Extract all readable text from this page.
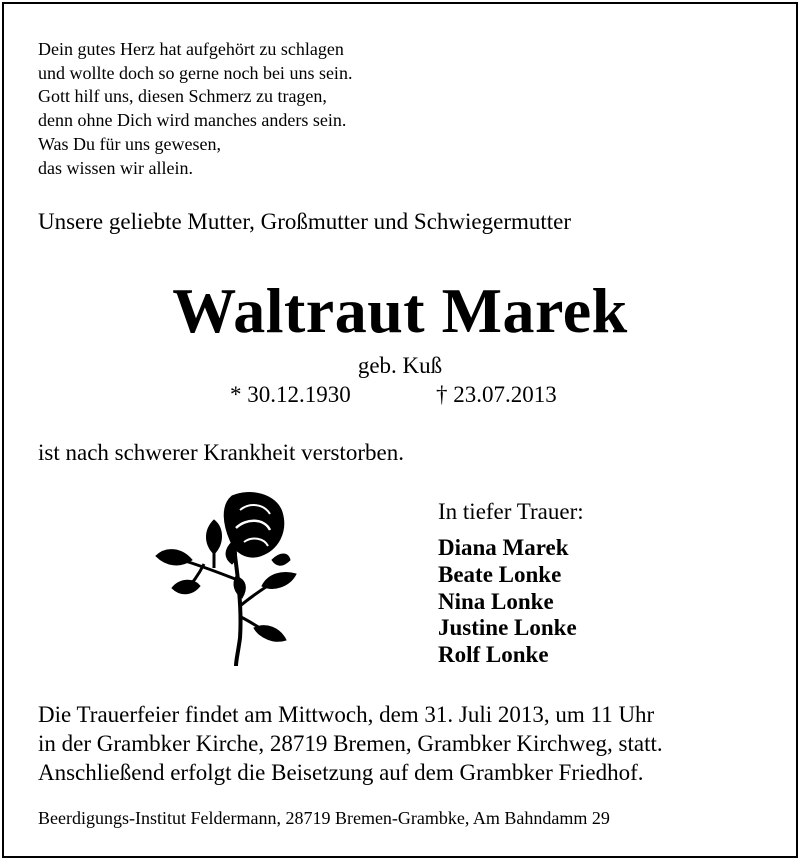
Dein gutes Herz hat aufgehört zu schlagen
und wollte doch so gerne noch bei uns sein.
Gott hilf uns, diesen Schmerz zu tragen,
denn ohne Dich wird manches anders sein.
Was Du für uns gewesen,
das wissen wir allein.
Unsere geliebte Mutter, Großmutter und Schwiegermutter
Waltraut Marek
geb. Kuß
* 30.12.1930	† 23.07.2013
ist nach schwerer Krankheit verstorben.
In tiefer Trauer:
Diana Marek
Beate Lonke
Nina Lonke
Justine Lonke
Rolf Lonke
Die Trauerfeier findet am Mittwoch, dem 31. Juli 2013, um 11 Uhr
in der Grambker Kirche, 28719 Bremen, Grambker Kirchweg, statt.
Anschließend erfolgt die Beisetzung auf dem Grambker Friedhof.
Beerdigungs-Institut Feldermann, 28719 Bremen-Grambke, Am Bahndamm 29
